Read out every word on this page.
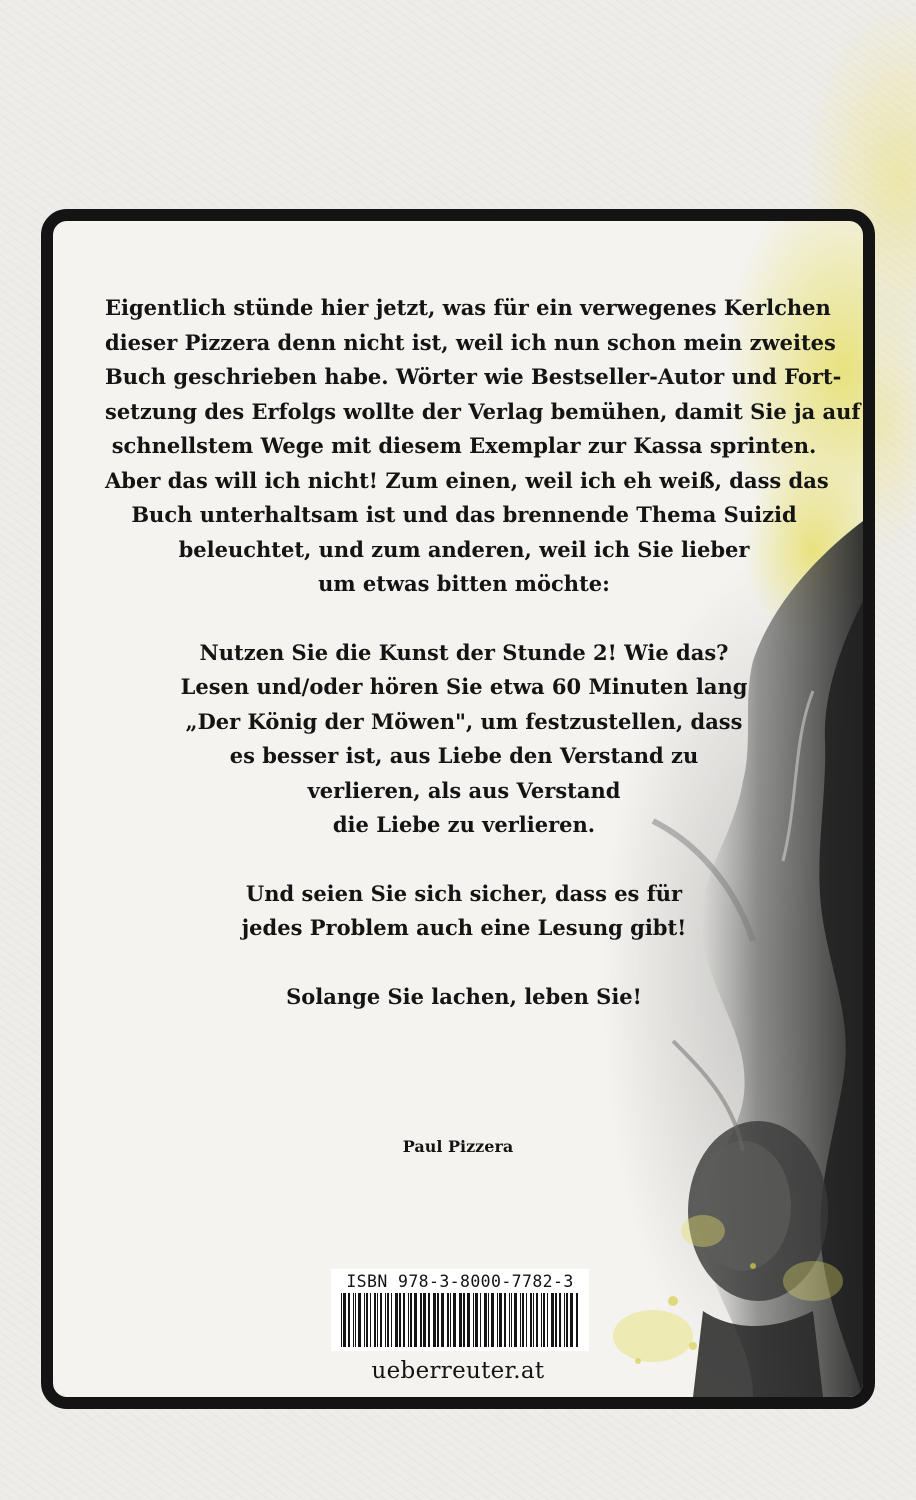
Eigentlich stünde hier jetzt, was für ein verwegenes Kerlchen
dieser Pizzera denn nicht ist, weil ich nun schon mein zweites
Buch geschrieben habe. Wörter wie Bestseller-Autor und Fort-
setzung des Erfolgs wollte der Verlag bemühen, damit Sie ja auf
schnellstem Wege mit diesem Exemplar zur Kassa sprinten.
Aber das will ich nicht! Zum einen, weil ich eh weiß, dass das
Buch unterhaltsam ist und das brennende Thema Suizid
beleuchtet, und zum anderen, weil ich Sie lieber
um etwas bitten möchte:

Nutzen Sie die Kunst der Stunde 2! Wie das?
Lesen und/oder hören Sie etwa 60 Minuten lang
„Der König der Möwen", um festzustellen, dass
es besser ist, aus Liebe den Verstand zu
verlieren, als aus Verstand
die Liebe zu verlieren.

Und seien Sie sich sicher, dass es für
jedes Problem auch eine Lesung gibt!

Solange Sie lachen, leben Sie!

Paul Pizzera
ISBN 978-3-8000-7782-3
ueberreuter.at
